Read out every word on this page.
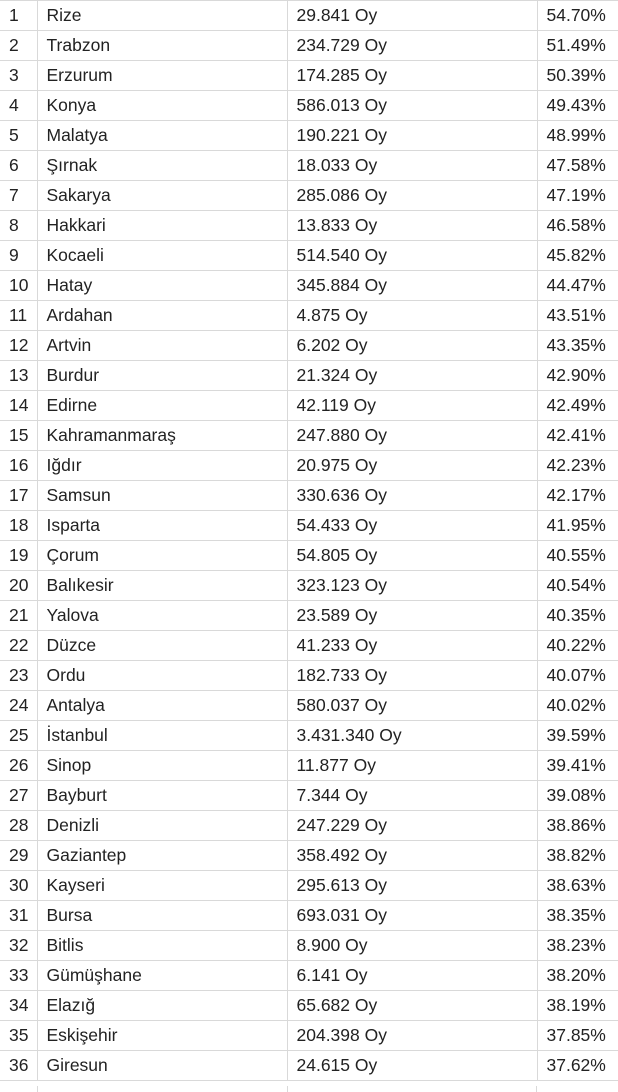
1	Rize	29.841 Oy	54.70%
2	Trabzon	234.729 Oy	51.49%
3	Erzurum	174.285 Oy	50.39%
4	Konya	586.013 Oy	49.43%
5	Malatya	190.221 Oy	48.99%
6	Şırnak	18.033 Oy	47.58%
7	Sakarya	285.086 Oy	47.19%
8	Hakkari	13.833 Oy	46.58%
9	Kocaeli	514.540 Oy	45.82%
10	Hatay	345.884 Oy	44.47%
11	Ardahan	4.875 Oy	43.51%
12	Artvin	6.202 Oy	43.35%
13	Burdur	21.324 Oy	42.90%
14	Edirne	42.119 Oy	42.49%
15	Kahramanmaraş	247.880 Oy	42.41%
16	Iğdır	20.975 Oy	42.23%
17	Samsun	330.636 Oy	42.17%
18	Isparta	54.433 Oy	41.95%
19	Çorum	54.805 Oy	40.55%
20	Balıkesir	323.123 Oy	40.54%
21	Yalova	23.589 Oy	40.35%
22	Düzce	41.233 Oy	40.22%
23	Ordu	182.733 Oy	40.07%
24	Antalya	580.037 Oy	40.02%
25	İstanbul	3.431.340 Oy	39.59%
26	Sinop	11.877 Oy	39.41%
27	Bayburt	7.344 Oy	39.08%
28	Denizli	247.229 Oy	38.86%
29	Gaziantep	358.492 Oy	38.82%
30	Kayseri	295.613 Oy	38.63%
31	Bursa	693.031 Oy	38.35%
32	Bitlis	8.900 Oy	38.23%
33	Gümüşhane	6.141 Oy	38.20%
34	Elazığ	65.682 Oy	38.19%
35	Eskişehir	204.398 Oy	37.85%
36	Giresun	24.615 Oy	37.62%
